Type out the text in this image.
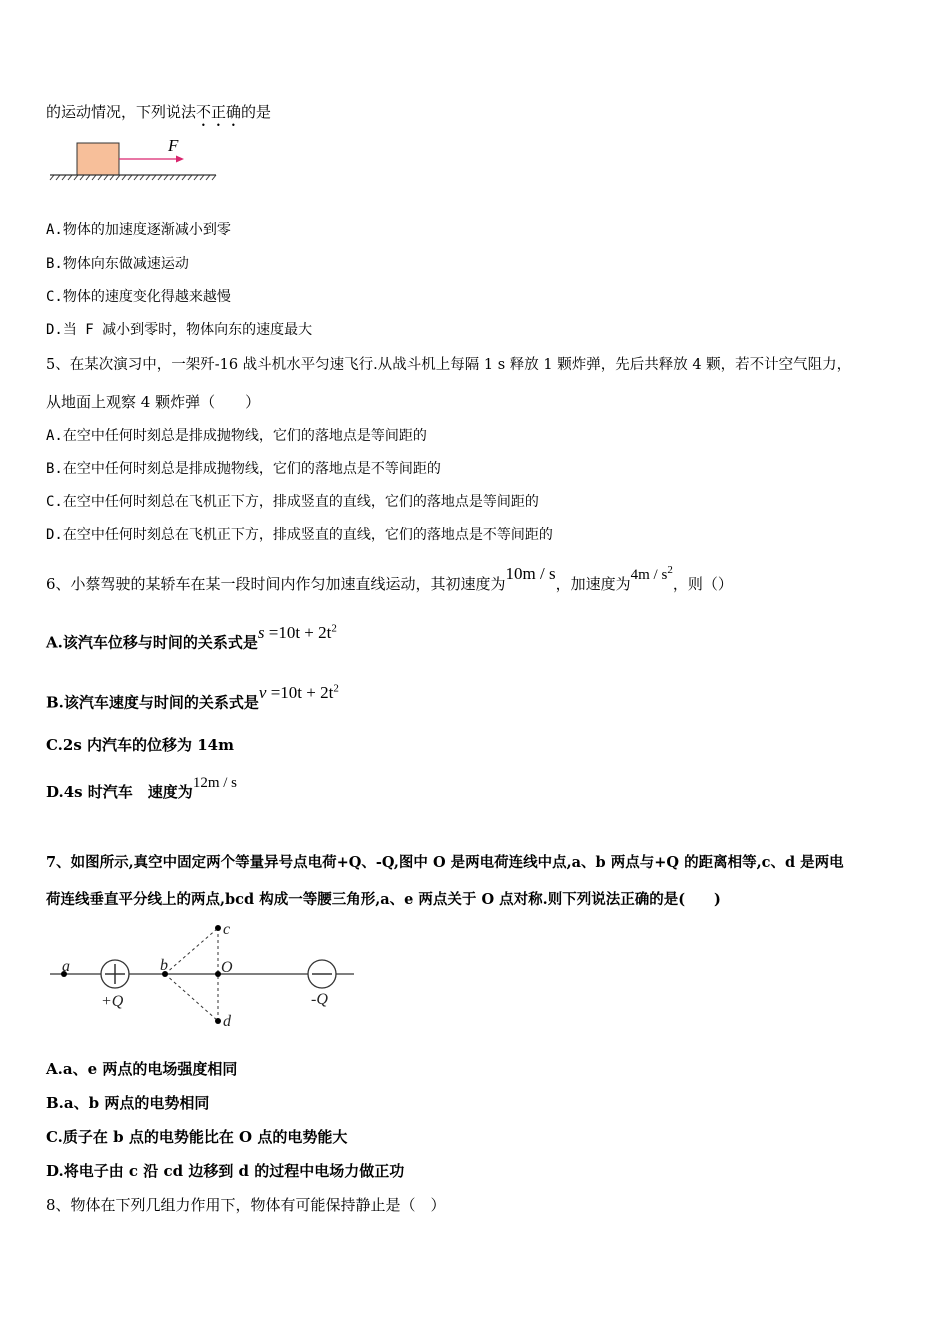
的运动情况，下列说法不正确的是
F
A.物体的加速度逐渐减小到零
B.物体向东做减速运动
C.物体的速度变化得越来越慢
D.当 F 减小到零时，物体向东的速度最大
5、在某次演习中，一架歼-16 战斗机水平匀速飞行.从战斗机上每隔 1 s 释放 1 颗炸弹，先后共释放 4 颗，若不计空气阻力，
从地面上观察 4 颗炸弹（　　）
A.在空中任何时刻总是排成抛物线，它们的落地点是等间距的
B.在空中任何时刻总是排成抛物线，它们的落地点是不等间距的
C.在空中任何时刻总在飞机正下方，排成竖直的直线，它们的落地点是等间距的
D.在空中任何时刻总在飞机正下方，排成竖直的直线，它们的落地点是不等间距的
6、小蔡驾驶的某轿车在某一段时间内作匀加速直线运动，其初速度为10m / s，加速度为$4m / s^2$，则（）
A.该汽车位移与时间的关系式是$s =10t + 2t^2$
B.该汽车速度与时间的关系式是$v =10t + 2t^2$
C.2s 内汽车的位移为 14m
D.4s 时汽车　速度为12m / s
7、如图所示,真空中固定两个等量异号点电荷+Q、-Q,图中 O 是两电荷连线中点,a、b 两点与+Q 的距离相等,c、d 是两电
荷连线垂直平分线上的两点,bcd 构成一等腰三角形,a、e 两点关于 O 点对称.则下列说法正确的是(　　)
a	b
c
d
O
+Q	-Q
A.a、e 两点的电场强度相同
B.a、b 两点的电势相同
C.质子在 b 点的电势能比在 O 点的电势能大
D.将电子由 c 沿 cd 边移到 d 的过程中电场力做正功
8、物体在下列几组力作用下，物体有可能保持静止是（　）
